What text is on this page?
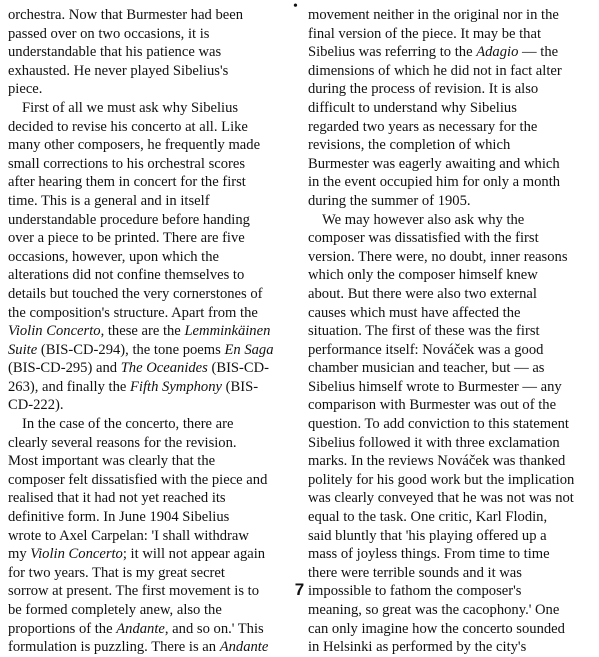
•
orchestra. Now that Burmester had been
passed over on two occasions, it is
understandable that his patience was
exhausted. He never played Sibelius's
piece.
First of all we must ask why Sibelius
decided to revise his concerto at all. Like
many other composers, he frequently made
small corrections to his orchestral scores
after hearing them in concert for the first
time. This is a general and in itself
understandable procedure before handing
over a piece to be printed. There are five
occasions, however, upon which the
alterations did not confine themselves to
details but touched the very cornerstones of
the composition's structure. Apart from the
Violin Concerto, these are the Lemminkäinen
Suite (BIS-CD-294), the tone poems En Saga
(BIS-CD-295) and The Oceanides (BIS-CD-
263), and finally the Fifth Symphony (BIS-
CD-222).
In the case of the concerto, there are
clearly several reasons for the revision.
Most important was clearly that the
composer felt dissatisfied with the piece and
realised that it had not yet reached its
definitive form. In June 1904 Sibelius
wrote to Axel Carpelan: 'I shall withdraw
my Violin Concerto; it will not appear again
for two years. That is my great secret
sorrow at present. The first movement is to
be formed completely anew, also the
proportions of the Andante, and so on.' This
formulation is puzzling. There is an Andante
movement neither in the original nor in the
final version of the piece. It may be that
Sibelius was referring to the Adagio — the
dimensions of which he did not in fact alter
during the process of revision. It is also
difficult to understand why Sibelius
regarded two years as necessary for the
revisions, the completion of which
Burmester was eagerly awaiting and which
in the event occupied him for only a month
during the summer of 1905.
We may however also ask why the
composer was dissatisfied with the first
version. There were, no doubt, inner reasons
which only the composer himself knew
about. But there were also two external
causes which must have affected the
situation. The first of these was the first
performance itself: Nováček was a good
chamber musician and teacher, but — as
Sibelius himself wrote to Burmester — any
comparison with Burmester was out of the
question. To add conviction to this statement
Sibelius followed it with three exclamation
marks. In the reviews Nováček was thanked
politely for his good work but the implication
was clearly conveyed that he was not was not
equal to the task. One critic, Karl Flodin,
said bluntly that 'his playing offered up a
mass of joyless things. From time to time
there were terrible sounds and it was
impossible to fathom the composer's
meaning, so great was the cacophony.' One
can only imagine how the concerto sounded
in Helsinki as performed by the city's
7
